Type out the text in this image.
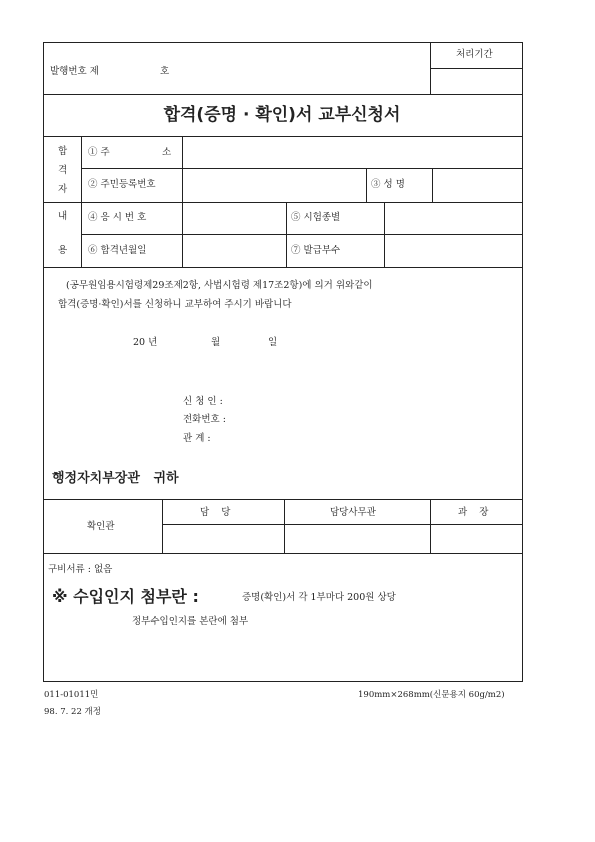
발행번호 제	호
처리기간
합격(증명 · 확인)서 교부신청서
합
격
자
① 주	소
② 주민등록번호	③ 성 명
내
용
④ 응 시 번 호	⑤ 시험종별
⑥ 합격년월일	⑦ 발급부수
(공무원임용시험령제29조제2항, 사법시험령 제17조2항)에 의거 위와같이
합격(증명·확인)서를 신청하니 교부하여 주시기 바랍니다
20 년	월	일
신 청 인 :
전화번호 :
관 계 :
행정자치부장관   귀하
확인관
담    당	담당사무관	과    장
구비서류 : 없음
※ 수입인지 첨부란 :	증명(확인)서 각 1부마다 200원 상당
정부수입인지를 본란에 첨부
011-01011민	190mm×268mm(신문용지 60g/m2)
98. 7. 22 개정
